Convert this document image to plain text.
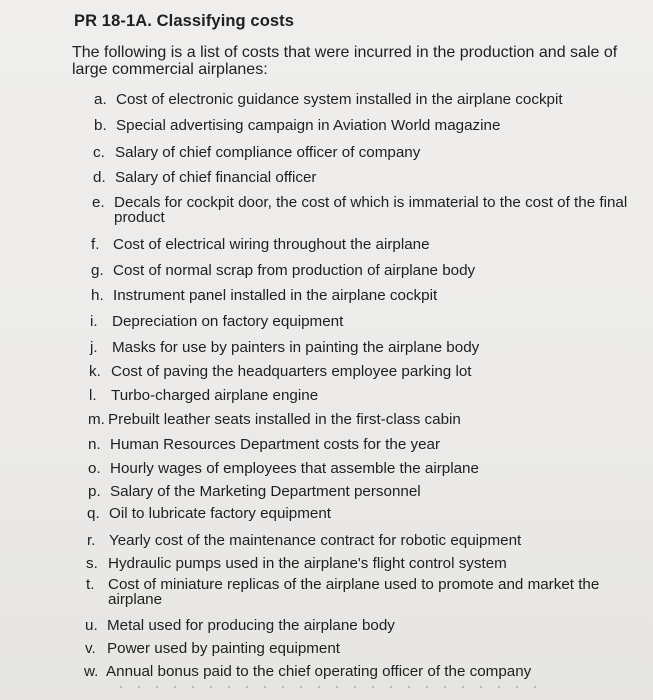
PR 18-1A. Classifying costs
The following is a list of costs that were incurred in the production and sale of large commercial airplanes:
a. Cost of electronic guidance system installed in the airplane cockpit
b. Special advertising campaign in Aviation World magazine
c. Salary of chief compliance officer of company
d. Salary of chief financial officer
e. Decals for cockpit door, the cost of which is immaterial to the cost of the final product
f. Cost of electrical wiring throughout the airplane
g. Cost of normal scrap from production of airplane body
h. Instrument panel installed in the airplane cockpit
i. Depreciation on factory equipment
j. Masks for use by painters in painting the airplane body
k. Cost of paving the headquarters employee parking lot
l. Turbo-charged airplane engine
m. Prebuilt leather seats installed in the first-class cabin
n. Human Resources Department costs for the year
o. Hourly wages of employees that assemble the airplane
p. Salary of the Marketing Department personnel
q. Oil to lubricate factory equipment
r. Yearly cost of the maintenance contract for robotic equipment
s. Hydraulic pumps used in the airplane's flight control system
t. Cost of miniature replicas of the airplane used to promote and market the airplane
u. Metal used for producing the airplane body
v. Power used by painting equipment
w. Annual bonus paid to the chief operating officer of the company
